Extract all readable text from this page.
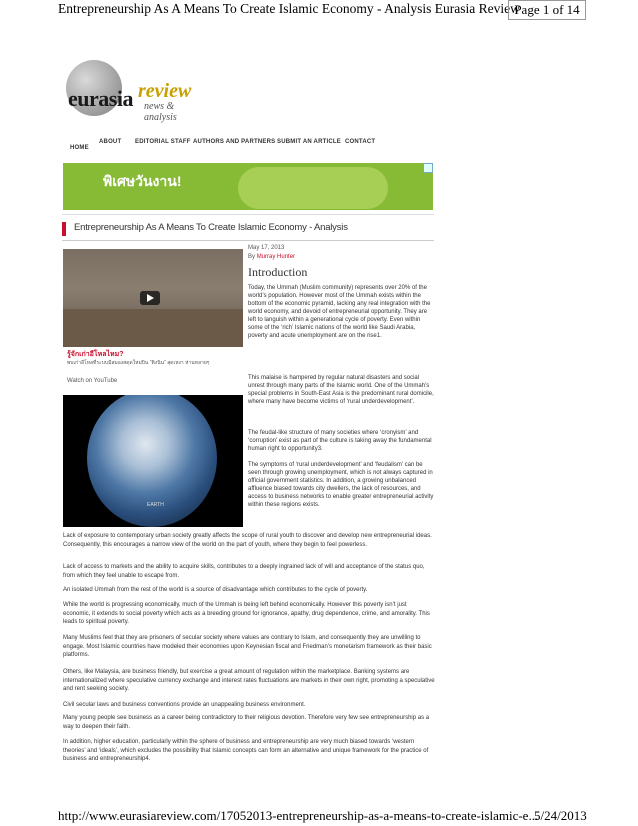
Entrepreneurship As A Means To Create Islamic Economy - Analysis Eurasia Review
Page 1 of 14
eurasia review
news & analysis
HOME
ABOUT EDITORIAL STAFF AUTHORS AND PARTNERS SUBMIT AN ARTICLE CONTACT
พิเศษวันงาน!
Entrepreneurship As A Means To Create Islamic Economy - Analysis
รู้จักเก่าอีโหลไหม?
พบเก่าอีโหลที่ระบบมีสมองสดุดใหม่บิน "ติงนิน" สุดเหงา ห่านหลายๆ
Watch on YouTube
EARTH
May 17, 2013
By Murray Hunter
Introduction

Today, the Ummah (Muslim community) represents over 20% of the world’s population. However most of the Ummah exists within the bottom of the economic pyramid, lacking any real integration with the world economy, and devoid of entrepreneurial opportunity. They are left to languish within a generational cycle of poverty. Even within some of the ‘rich’ Islamic nations of the world like Saudi Arabia, poverty and acute unemployment are on the rise1.

This malaise is hampered by regular natural disasters and social unrest through many parts of the Islamic world. One of the Ummah’s special problems in South-East Asia is the predominant rural domicile, where many have become victims of ‘rural underdevelopment’.

The feudal-like structure of many societies where ‘cronyism’ and ‘corruption’ exist as part of the culture is taking away the fundamental human right to opportunity3.

The symptoms of ‘rural underdevelopment’ and ‘feudalism’ can be seen through growing unemployment, which is not always captured in official government statistics. In addition, a growing unbalanced affluence biased towards city dwellers, the lack of resources, and access to business networks to enable greater entrepreneurial activity within these regions exists.

Lack of exposure to contemporary urban society greatly affects the scope of rural youth to discover and develop new entrepreneurial ideas. Consequently, this encourages a narrow view of the world on the part of youth, where they begin to feel powerless.

Lack of access to markets and the ability to acquire skills, contributes to a deeply ingrained lack of will and acceptance of the status quo, from which they feel unable to escape from.

An isolated Ummah from the rest of the world is a source of disadvantage which contributes to the cycle of poverty.

While the world is progressing economically, much of the Ummah is being left behind economically. However this poverty isn’t just economic, it extends to social poverty which acts as a breeding ground for ignorance, apathy, drug dependence, crime, and amorality. This leads to spiritual poverty.

Many Muslims feel that they are prisoners of secular society where values are contrary to Islam, and consequently they are unwilling to engage. Most Islamic countries have modeled their economies upon Keynesian fiscal and Friedman’s monetarism framework as their basic platforms.

Others, like Malaysia, are business friendly, but exercise a great amount of regulation within the marketplace. Banking systems are internationalized where speculative currency exchange and interest rates fluctuations are markets in their own right, promoting a speculative and rent seeking society.

Civil secular laws and business conventions provide an unappealing business environment.

Many young people see business as a career being contradictory to their religious devotion. Therefore very few see entrepreneurship as a way to deepen their faith.

In addition, higher education, particularly within the sphere of business and entrepreneurship are very much biased towards ‘western theories’ and ‘ideals’, which excludes the possibility that Islamic concepts can form an alternative and unique framework for the practice of business and entrepreneurship4.

http://www.eurasiareview.com/17052013-entrepreneurship-as-a-means-to-create-islamic-e...
5/24/2013
